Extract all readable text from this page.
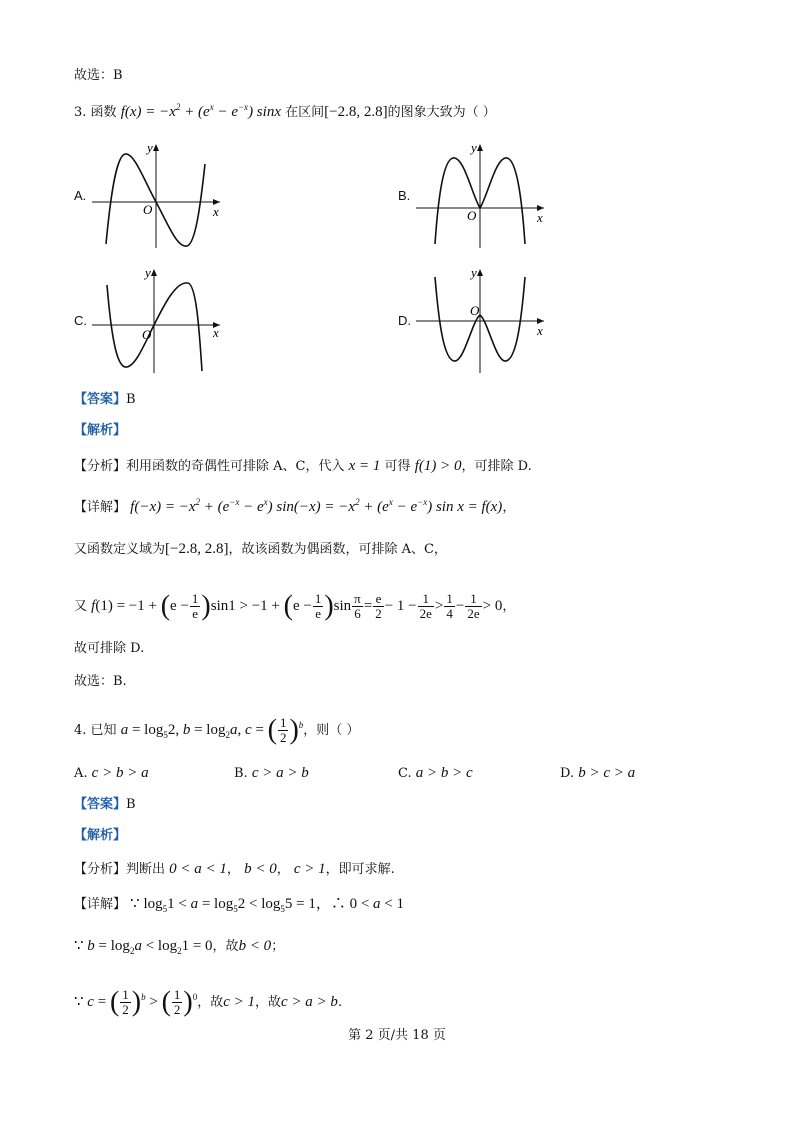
故选：B
3. 函数 $f(x) = -x^2 + (e^x - e^{-x})$ sinx 在区间[−2.8, 2.8]的图象大致为（ ）
A.	B.
C.	D.
y
x
O
y
x
O
y
x
O
y
x
O
【答案】B
【解析】
【分析】利用函数的奇偶性可排除 A、C，代入 x = 1 可得 f(1) > 0，可排除 D.
【详解】 $f(-x) = -x^2 + (e^{-x} - e^x) \sin(-x) = -x^2 + (e^x - e^{-x})$ sin x = f(x)，
又函数定义域为[−2.8, 2.8]，故该函数为偶函数，可排除 A、C，
又 $f(1) = -1 + (e - \frac{1}{e} )\sin 1 > -1 + (e - \frac{1}{e} )\sin \frac{\pi}{6} = \frac{e}{2} - 1 - \frac{1}{2e} > \frac{1}{4} - \frac{1}{2e} > 0$，
故可排除 D.
故选：B.
4. 已知 $a = \log_52$, $b = \log_2a$, c = ( $\frac{1}{2} )^b$，则（ ）
A. c > b > a	B. c > a > b	C. a > b > c	D. b > c > a
【答案】B
【解析】
【分析】判断出 0 < a < 1， b < 0， c > 1，即可求解.
【详解】 ∵ $\log_51 < a = \log_52 < \log_55 = 1$，∴ 0 < a < 1
∵ $b = \log_2a < \log_21 = 0$，故b < 0；
∵ c = ( $\frac{1}{2} )^b$ > ( $\frac{1}{2} )^0$，故c > 1，故c > a > b.
第 2 页/共 18 页
